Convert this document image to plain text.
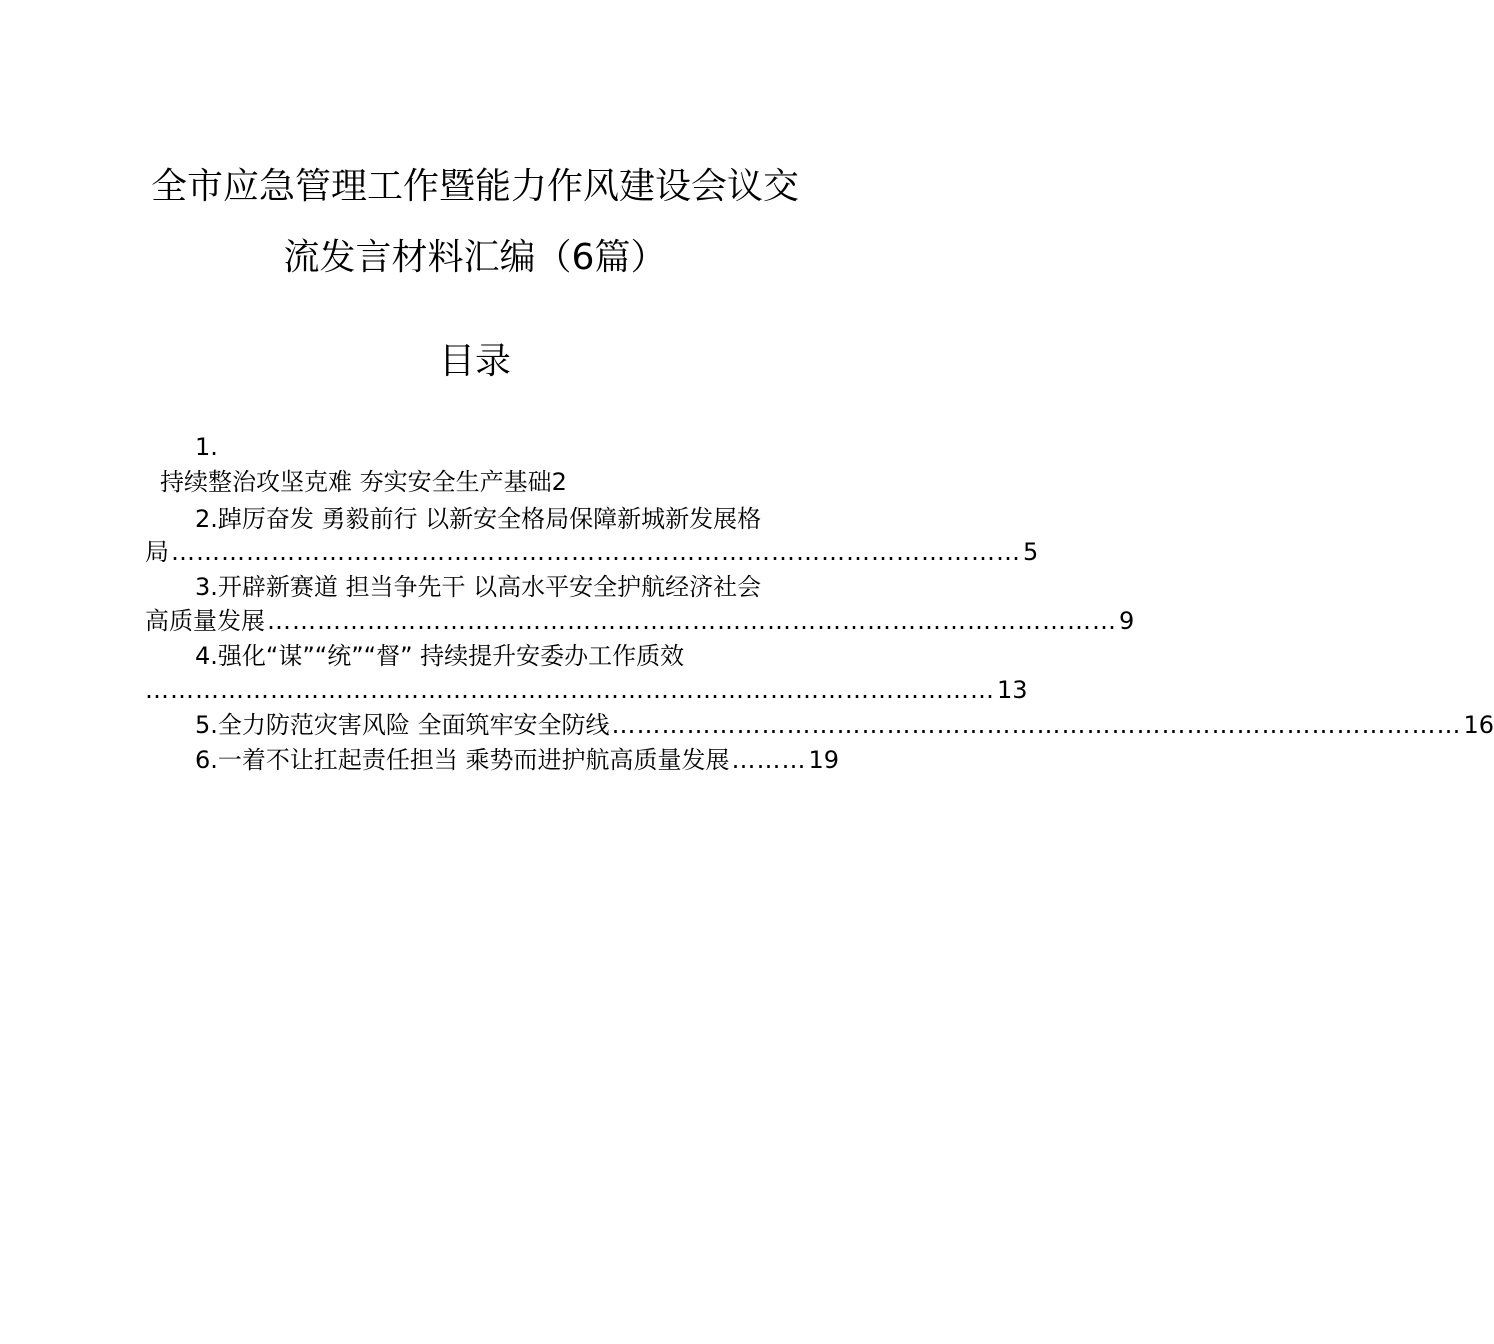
全市应急管理工作暨能力作风建设会议交
流发言材料汇编（6篇）
目录
1.
持续整治攻坚克难 夯实安全生产基础 2
2.踔厉奋发 勇毅前行 以新安全格局保障新城新发展格
局 ………………………………………………………………………………………… 5
3.开辟新赛道 担当争先干 以高水平安全护航经济社会
高质量发展 ………………………………………………………………………………………… 9
4.强化“谋”“统”“督” 持续提升安委办工作质效
………………………………………………………………………………………… 13
5.全力防范灾害风险 全面筑牢安全防线 ………………………………………………………………………………………… 16
6.一着不让扛起责任担当 乘势而进护航高质量发展 ……… 19
